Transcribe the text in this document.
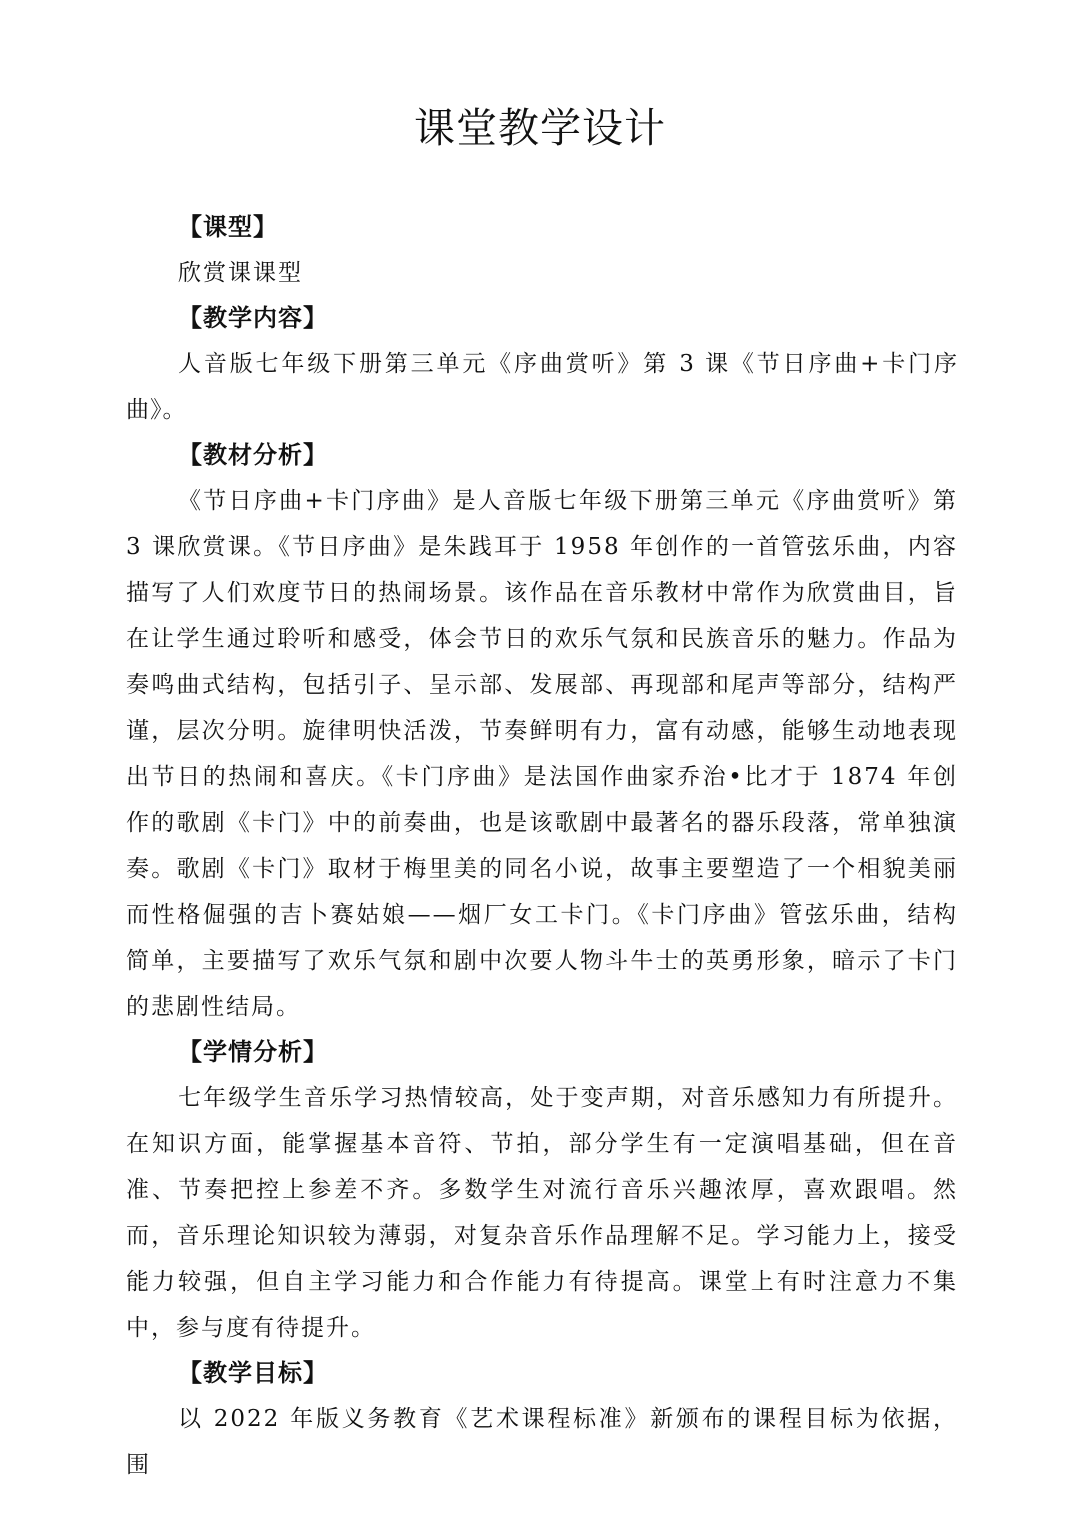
课堂教学设计
【课型】

欣赏课课型

【教学内容】

人音版七年级下册第三单元《序曲赏听》第 3 课《节日序曲+卡门序曲》。

【教材分析】

《节日序曲+卡门序曲》是人音版七年级下册第三单元《序曲赏听》第 3 课欣赏课。《节日序曲》是朱践耳于 1958 年创作的一首管弦乐曲，内容描写了人们欢度节日的热闹场景。该作品在音乐教材中常作为欣赏曲目，旨在让学生通过聆听和感受，体会节日的欢乐气氛和民族音乐的魅力。作品为奏鸣曲式结构，包括引子、呈示部、发展部、再现部和尾声等部分，结构严谨，层次分明。旋律明快活泼，节奏鲜明有力，富有动感，能够生动地表现出节日的热闹和喜庆。《卡门序曲》是法国作曲家乔治•比才于 1874 年创作的歌剧《卡门》中的前奏曲，也是该歌剧中最著名的器乐段落，常单独演奏。歌剧《卡门》取材于梅里美的同名小说，故事主要塑造了一个相貌美丽而性格倔强的吉卜赛姑娘——烟厂女工卡门。《卡门序曲》管弦乐曲，结构简单，主要描写了欢乐气氛和剧中次要人物斗牛士的英勇形象，暗示了卡门的悲剧性结局。

【学情分析】

七年级学生音乐学习热情较高，处于变声期，对音乐感知力有所提升。在知识方面，能掌握基本音符、节拍，部分学生有一定演唱基础，但在音准、节奏把控上参差不齐。多数学生对流行音乐兴趣浓厚，喜欢跟唱。然而，音乐理论知识较为薄弱，对复杂音乐作品理解不足。学习能力上，接受能力较强，但自主学习能力和合作能力有待提高。课堂上有时注意力不集中，参与度有待提升。

【教学目标】

以 2022 年版义务教育《艺术课程标准》新颁布的课程目标为依据，围
